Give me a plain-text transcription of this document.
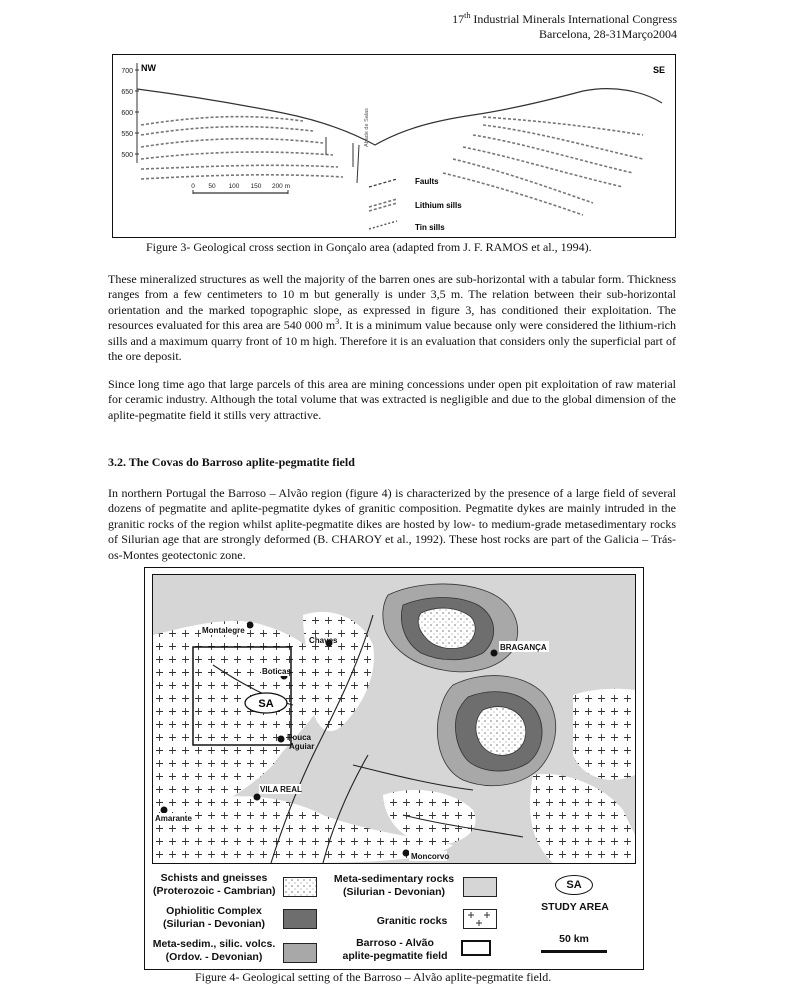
17th Industrial Minerals International Congress
Barcelona, 28-31Março2004
700
650
600
550
500
NW	SE
Abade de Salas
0 50 100 150 200 m
Faults
Lithium sills
Tin sills
Figure 3- Geological cross section in Gonçalo area (adapted from J. F. RAMOS et al., 1994).

These mineralized structures as well the majority of the barren ones are sub-horizontal with a tabular form. Thickness ranges from a few centimeters to 10 m but generally is under 3,5 m. The relation between their sub-horizontal orientation and the marked topographic slope, as expressed in figure 3, has conditioned their exploitation. The resources evaluated for this area are 540 000 $m^3$. It is a minimum value because only were considered the lithium-rich sills and a maximum quarry front of 10 m high. Therefore it is an evaluation that considers only the superficial part of the ore deposit.

Since long time ago that large parcels of this area are mining concessions under open pit exploitation of raw material for ceramic industry. Although the total volume that was extracted is negligible and due to the global dimension of the aplite-pegmatite field it stills very attractive.

3.2. The Covas do Barroso aplite-pegmatite field

In northern Portugal the Barroso – Alvão region (figure 4) is characterized by the presence of a large field of several dozens of pegmatite and aplite-pegmatite dykes of granitic composition. Pegmatite dykes are mainly intruded in the granitic rocks of the region whilst aplite-pegmatite dikes are hosted by low- to medium-grade metasedimentary rocks of Silurian age that are strongly deformed (B. CHAROY et al., 1992). These host rocks are part of the Galicia – Trás-os-Montes geotectonic zone.

SA
Montalegre
Chaves
BRAGANÇA
Boticas
Pouca
Aguiar
VILA REAL
Amarante
Moncorvo
Schists and gneisses
(Proterozoic - Cambrian)
Ophiolitic Complex
(Silurian - Devonian)
Meta-sedim., silic. volcs.
(Ordov. - Devonian)
Meta-sedimentary rocks
(Silurian - Devonian)
Granitic rocks
Barroso - Alvão
aplite-pegmatite field
SA
STUDY AREA
50 km
Figure 4- Geological setting of the Barroso – Alvão aplite-pegmatite field.
